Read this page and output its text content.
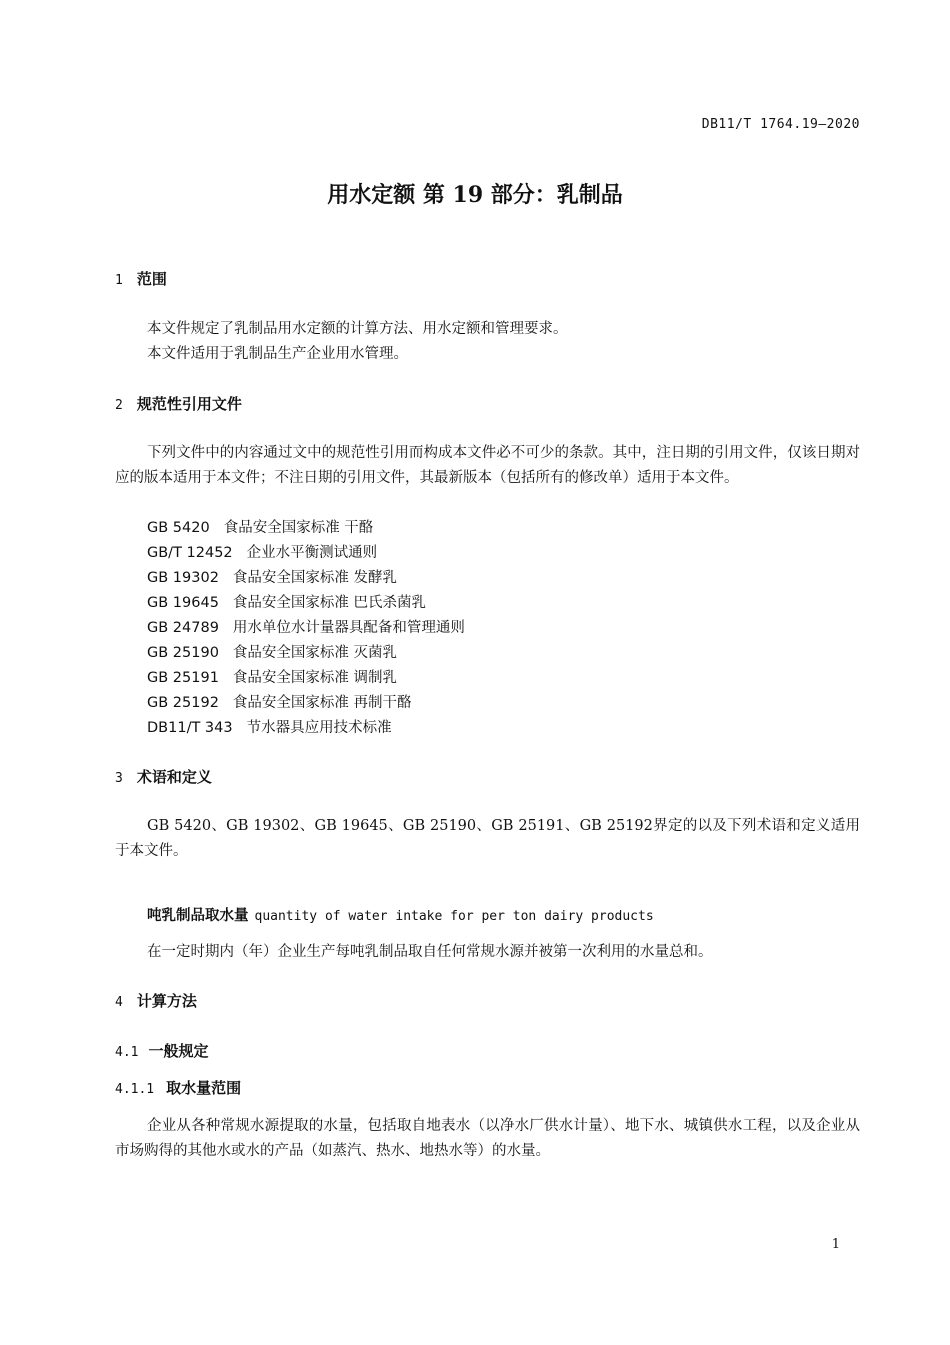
DB11/T 1764.19—2020
用水定额 第 19 部分：乳制品
1 范围
本文件规定了乳制品用水定额的计算方法、用水定额和管理要求。
本文件适用于乳制品生产企业用水管理。
2 规范性引用文件
下列文件中的内容通过文中的规范性引用而构成本文件必不可少的条款。其中，注日期的引用文件，仅该日期对应的版本适用于本文件；不注日期的引用文件，其最新版本（包括所有的修改单）适用于本文件。
GB 5420 食品安全国家标准 干酪
GB/T 12452 企业水平衡测试通则
GB 19302 食品安全国家标准 发酵乳
GB 19645 食品安全国家标准 巴氏杀菌乳
GB 24789 用水单位水计量器具配备和管理通则
GB 25190 食品安全国家标准 灭菌乳
GB 25191 食品安全国家标准 调制乳
GB 25192 食品安全国家标准 再制干酪
DB11/T 343 节水器具应用技术标准
3 术语和定义
GB 5420、GB 19302、GB 19645、GB 25190、GB 25191、GB 25192界定的以及下列术语和定义适用于本文件。
吨乳制品取水量 quantity of water intake for per ton dairy products
在一定时期内（年）企业生产每吨乳制品取自任何常规水源并被第一次利用的水量总和。
4 计算方法
4.1 一般规定
4.1.1 取水量范围
企业从各种常规水源提取的水量，包括取自地表水（以净水厂供水计量）、地下水、城镇供水工程，以及企业从市场购得的其他水或水的产品（如蒸汽、热水、地热水等）的水量。
1
